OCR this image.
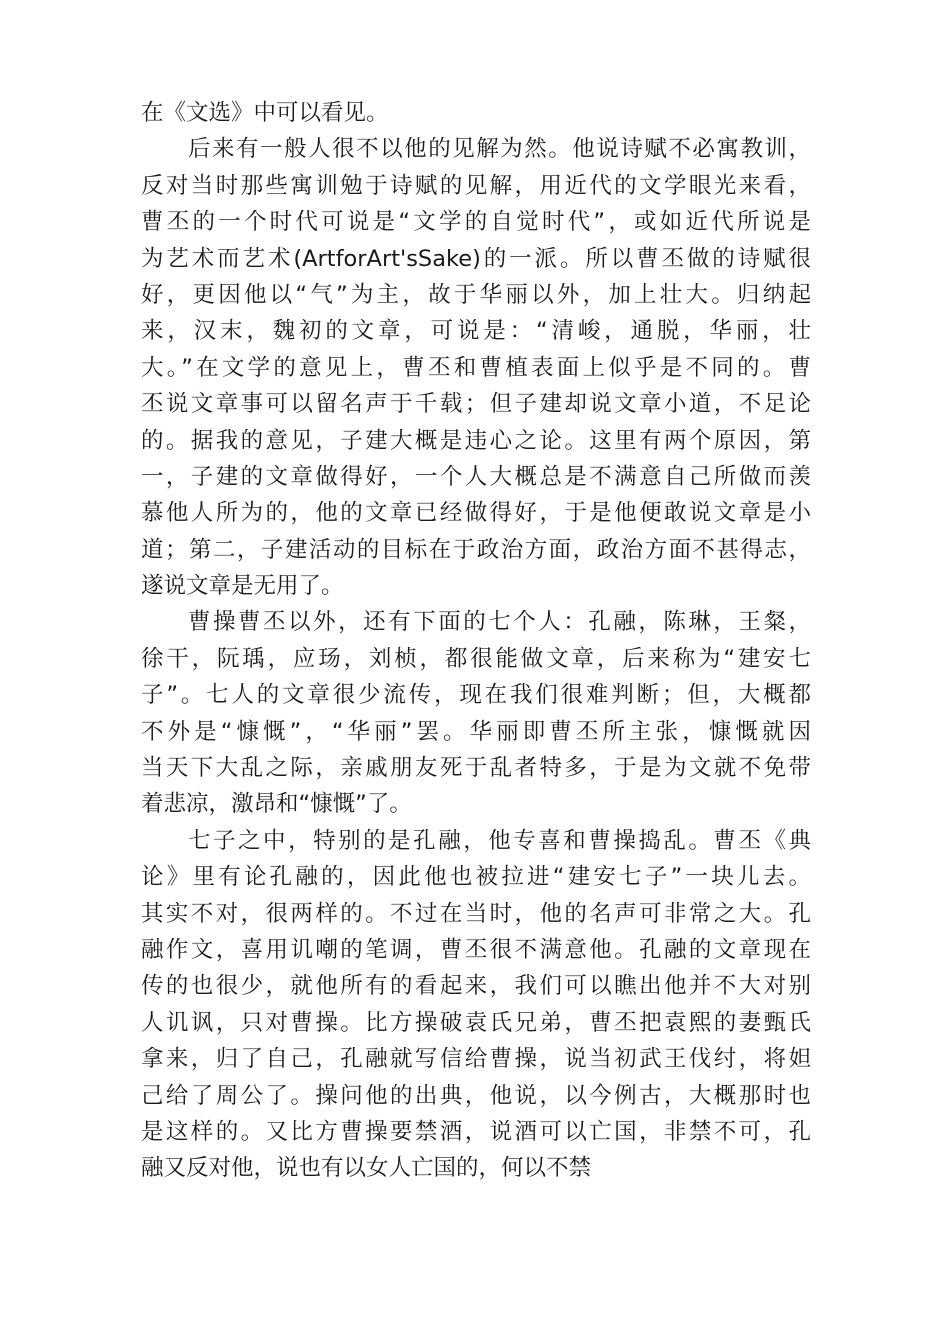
在《文选》中可以看见。
后来有一般人很不以他的见解为然。他说诗赋不必寓教训，
反对当时那些寓训勉于诗赋的见解，用近代的文学眼光来看，
曹丕的一个时代可说是“文学的自觉时代”，或如近代所说是
为艺术而艺术(ArtforArt'sSake)的一派。所以曹丕做的诗赋很
好，更因他以“气”为主，故于华丽以外，加上壮大。归纳起
来，汉末，魏初的文章，可说是：“清峻，通脱，华丽，壮
大。”在文学的意见上，曹丕和曹植表面上似乎是不同的。曹
丕说文章事可以留名声于千载；但子建却说文章小道，不足论
的。据我的意见，子建大概是违心之论。这里有两个原因，第
一，子建的文章做得好，一个人大概总是不满意自己所做而羡
慕他人所为的，他的文章已经做得好，于是他便敢说文章是小
道；第二，子建活动的目标在于政治方面，政治方面不甚得志，
遂说文章是无用了。
曹操曹丕以外，还有下面的七个人：孔融，陈琳，王粲，
徐干，阮瑀，应玚，刘桢，都很能做文章，后来称为“建安七
子”。七人的文章很少流传，现在我们很难判断；但，大概都
不外是“慷慨”，“华丽”罢。华丽即曹丕所主张，慷慨就因
当天下大乱之际，亲戚朋友死于乱者特多，于是为文就不免带
着悲凉，激昂和“慷慨”了。
七子之中，特别的是孔融，他专喜和曹操捣乱。曹丕《典
论》里有论孔融的，因此他也被拉进“建安七子”一块儿去。
其实不对，很两样的。不过在当时，他的名声可非常之大。孔
融作文，喜用讥嘲的笔调，曹丕很不满意他。孔融的文章现在
传的也很少，就他所有的看起来，我们可以瞧出他并不大对别
人讥讽，只对曹操。比方操破袁氏兄弟，曹丕把袁熙的妻甄氏
拿来，归了自己，孔融就写信给曹操，说当初武王伐纣，将妲
己给了周公了。操问他的出典，他说，以今例古，大概那时也
是这样的。又比方曹操要禁酒，说酒可以亡国，非禁不可，孔
融又反对他，说也有以女人亡国的，何以不禁
